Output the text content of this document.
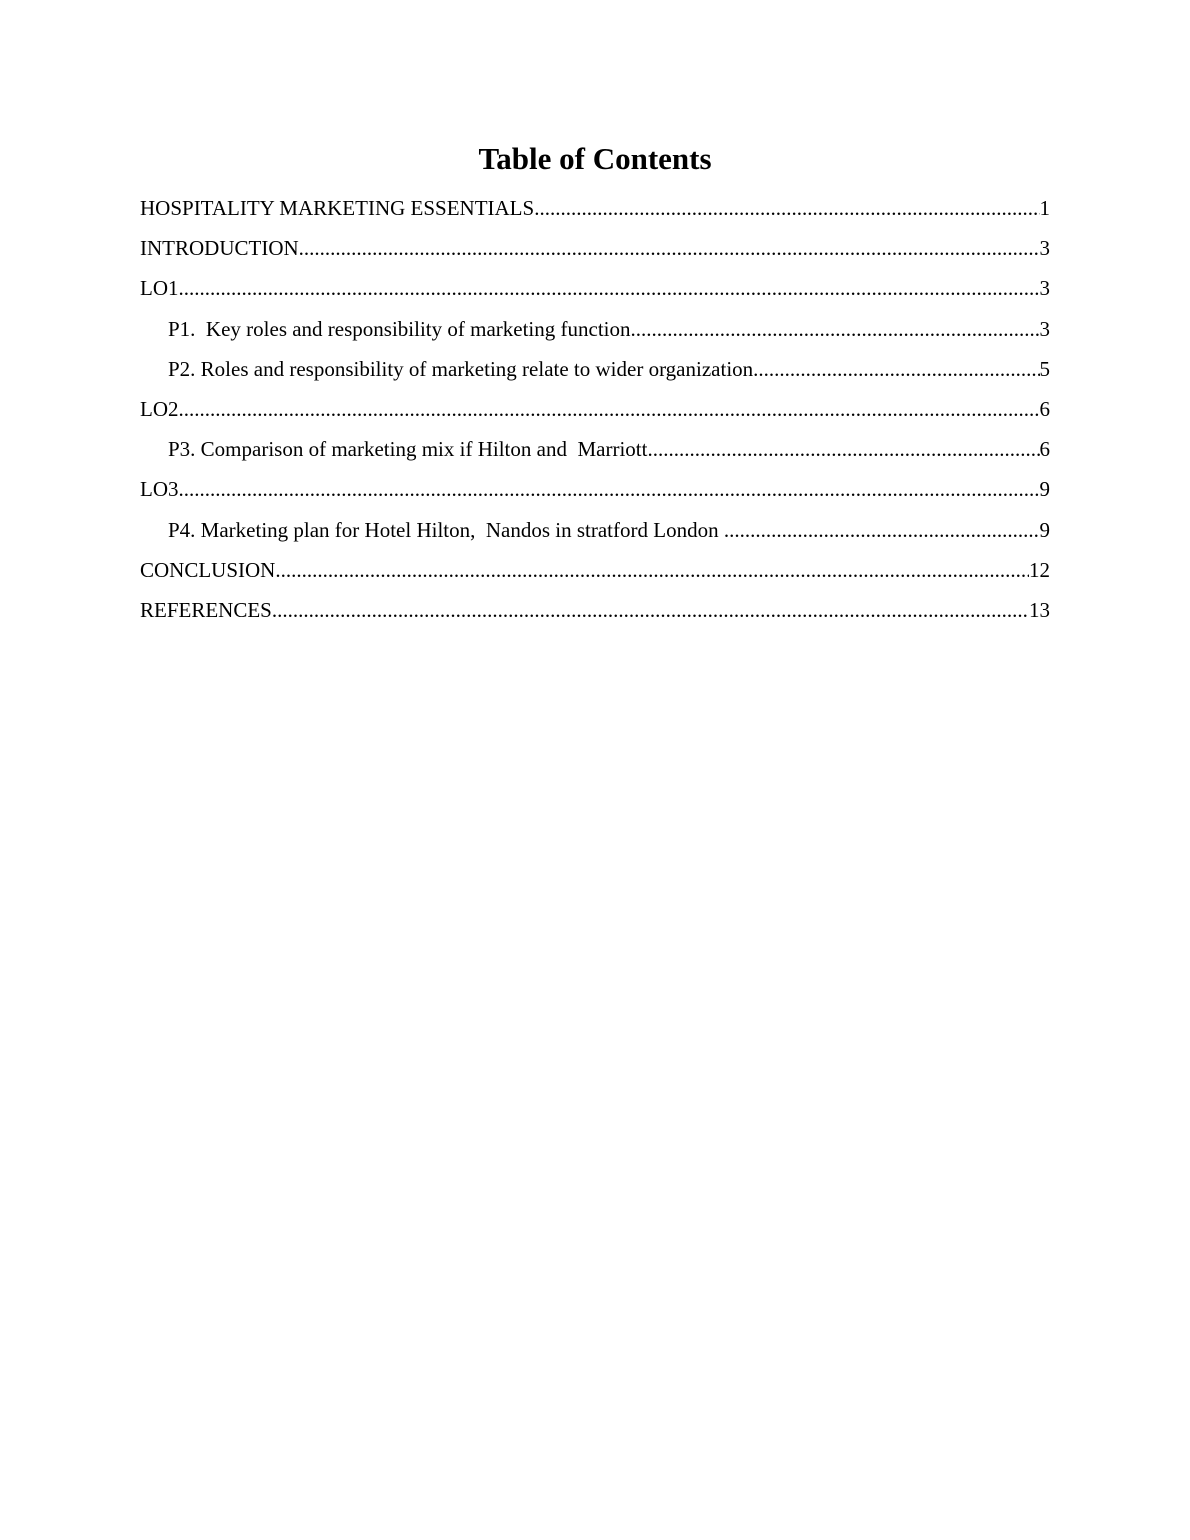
Table of Contents
HOSPITALITY MARKETING ESSENTIALS .....	1
INTRODUCTION .....	3
LO1 .....	3
P1.  Key roles and responsibility of marketing function .....	3
P2. Roles and responsibility of marketing relate to wider organization .....	5
LO2 .....	6
P3. Comparison of marketing mix if Hilton and  Marriott .....	6
LO3 .....	9
P4. Marketing plan for Hotel Hilton,  Nandos in stratford London .....	9
CONCLUSION .....	12
REFERENCES .....	13
